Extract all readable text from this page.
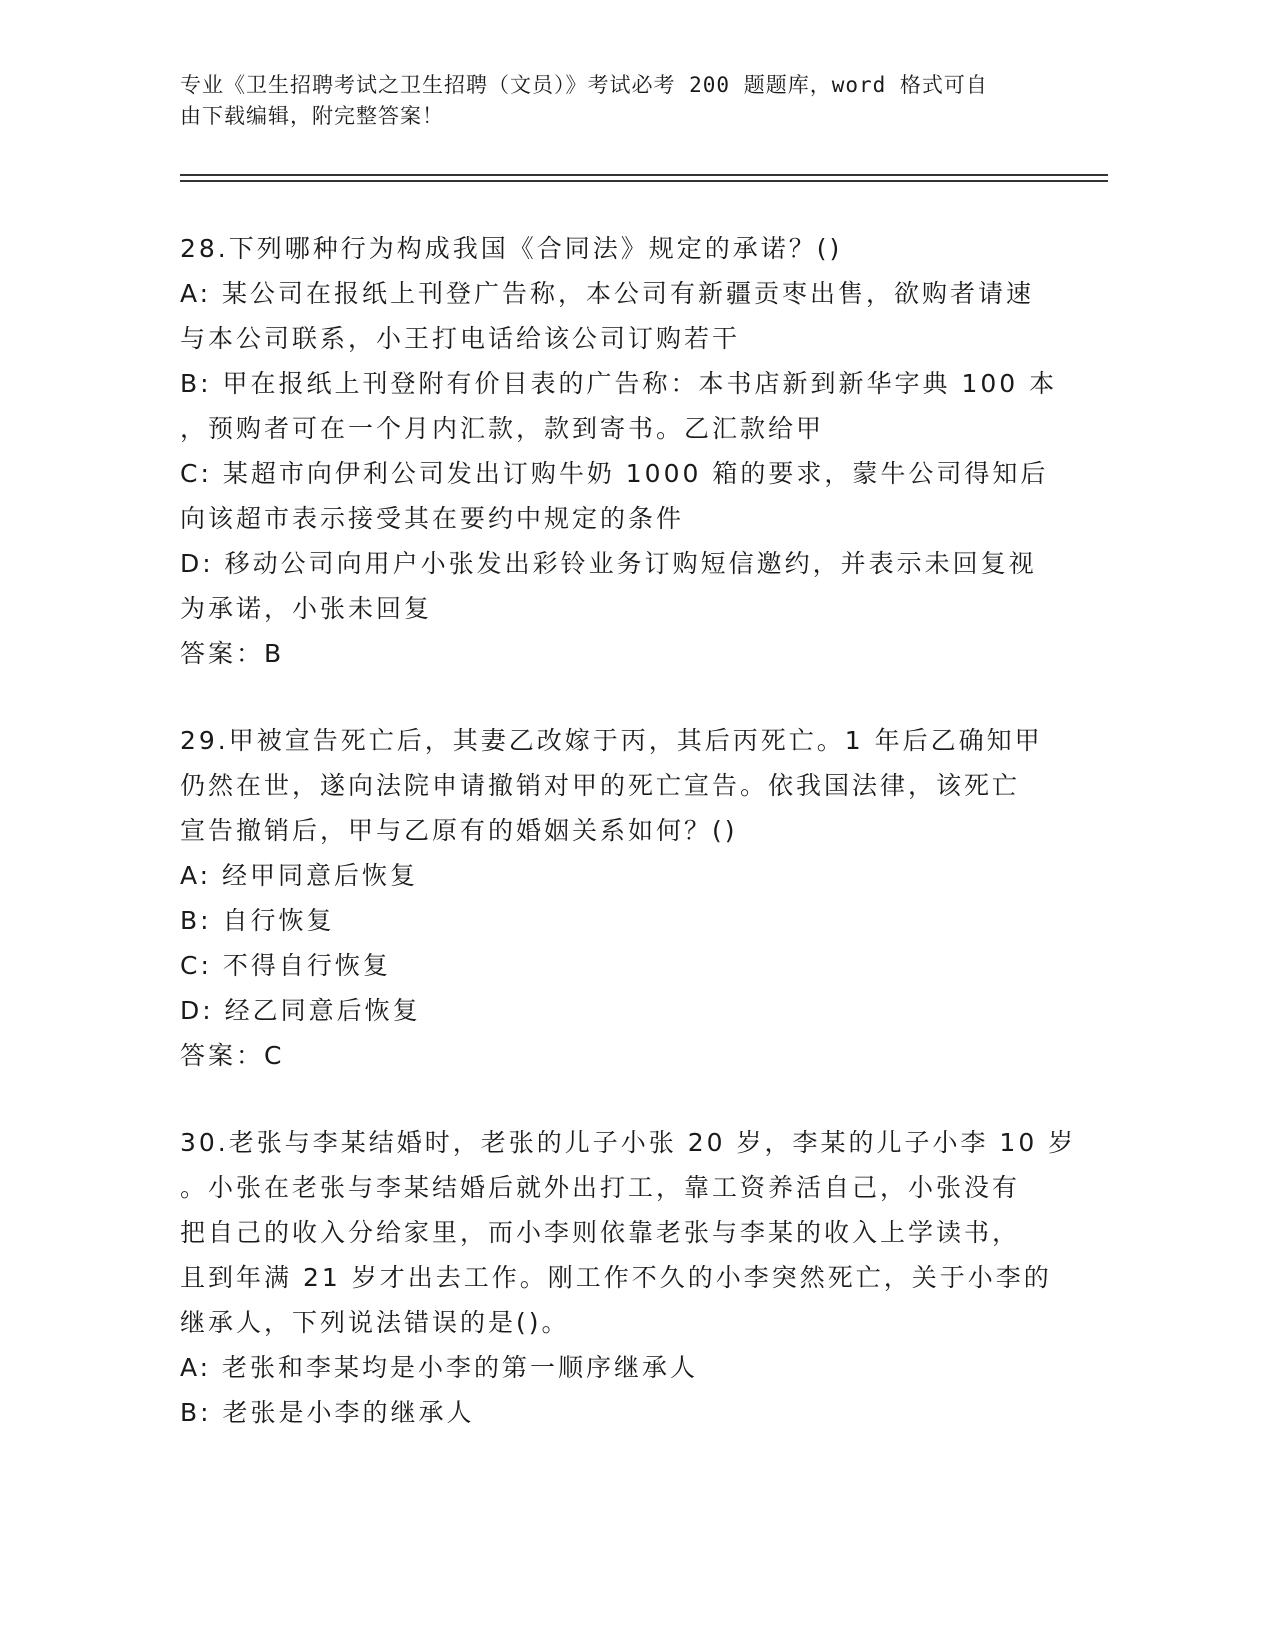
专业《卫生招聘考试之卫生招聘（文员）》考试必考 200 题题库，word 格式可自
由下载编辑，附完整答案！
28.下列哪种行为构成我国《合同法》规定的承诺？()
A: 某公司在报纸上刊登广告称，本公司有新疆贡枣出售，欲购者请速
与本公司联系，小王打电话给该公司订购若干
B: 甲在报纸上刊登附有价目表的广告称：本书店新到新华字典 100 本
，预购者可在一个月内汇款，款到寄书。乙汇款给甲
C: 某超市向伊利公司发出订购牛奶 1000 箱的要求，蒙牛公司得知后
向该超市表示接受其在要约中规定的条件
D: 移动公司向用户小张发出彩铃业务订购短信邀约，并表示未回复视
为承诺，小张未回复
答案：B
29.甲被宣告死亡后，其妻乙改嫁于丙，其后丙死亡。1 年后乙确知甲
仍然在世，遂向法院申请撤销对甲的死亡宣告。依我国法律，该死亡
宣告撤销后，甲与乙原有的婚姻关系如何？()
A: 经甲同意后恢复
B: 自行恢复
C: 不得自行恢复
D: 经乙同意后恢复
答案：C
30.老张与李某结婚时，老张的儿子小张 20 岁，李某的儿子小李 10 岁
。小张在老张与李某结婚后就外出打工，靠工资养活自己，小张没有
把自己的收入分给家里，而小李则依靠老张与李某的收入上学读书，
且到年满 21 岁才出去工作。刚工作不久的小李突然死亡，关于小李的
继承人，下列说法错误的是()。
A: 老张和李某均是小李的第一顺序继承人
B: 老张是小李的继承人
